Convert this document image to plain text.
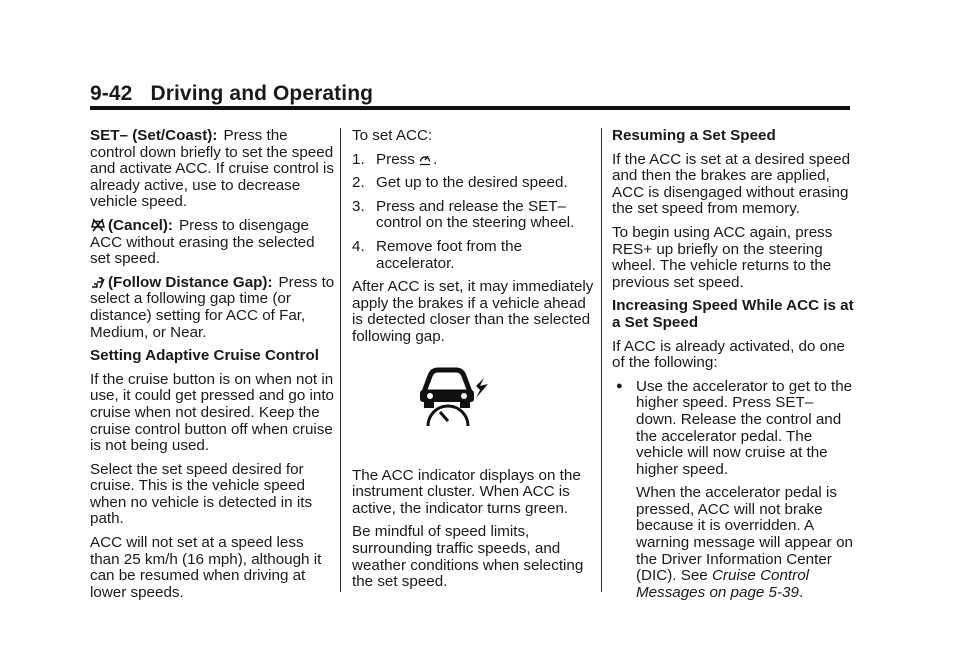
9-42 Driving and Operating

SET– (Set/Coast): Press the control down briefly to set the speed and activate ACC. If cruise control is already active, use to decrease vehicle speed.

(Cancel): Press to disengage ACC without erasing the selected set speed.

(Follow Distance Gap): Press to select a following gap time (or distance) setting for ACC of Far, Medium, or Near.

Setting Adaptive Cruise Control

If the cruise button is on when not in use, it could get pressed and go into cruise when not desired. Keep the cruise control button off when cruise is not being used.

Select the set speed desired for cruise. This is the vehicle speed when no vehicle is detected in its path.

ACC will not set at a speed less than 25 km/h (16 mph), although it can be resumed when driving at lower speeds.

To set ACC:

1. Press .
2. Get up to the desired speed.
3. Press and release the SET– control on the steering wheel.
4. Remove foot from the accelerator.

After ACC is set, it may immediately apply the brakes if a vehicle ahead is detected closer than the selected following gap.

The ACC indicator displays on the instrument cluster. When ACC is active, the indicator turns green.

Be mindful of speed limits, surrounding traffic speeds, and weather conditions when selecting the set speed.

Resuming a Set Speed

If the ACC is set at a desired speed and then the brakes are applied, ACC is disengaged without erasing the set speed from memory.

To begin using ACC again, press RES+ up briefly on the steering wheel. The vehicle returns to the previous set speed.

Increasing Speed While ACC is at a Set Speed

If ACC is already activated, do one of the following:

● Use the accelerator to get to the higher speed. Press SET– down. Release the control and the accelerator pedal. The vehicle will now cruise at the higher speed.

When the accelerator pedal is pressed, ACC will not brake because it is overridden. A warning message will appear on the Driver Information Center (DIC). See Cruise Control Messages on page 5-39.
